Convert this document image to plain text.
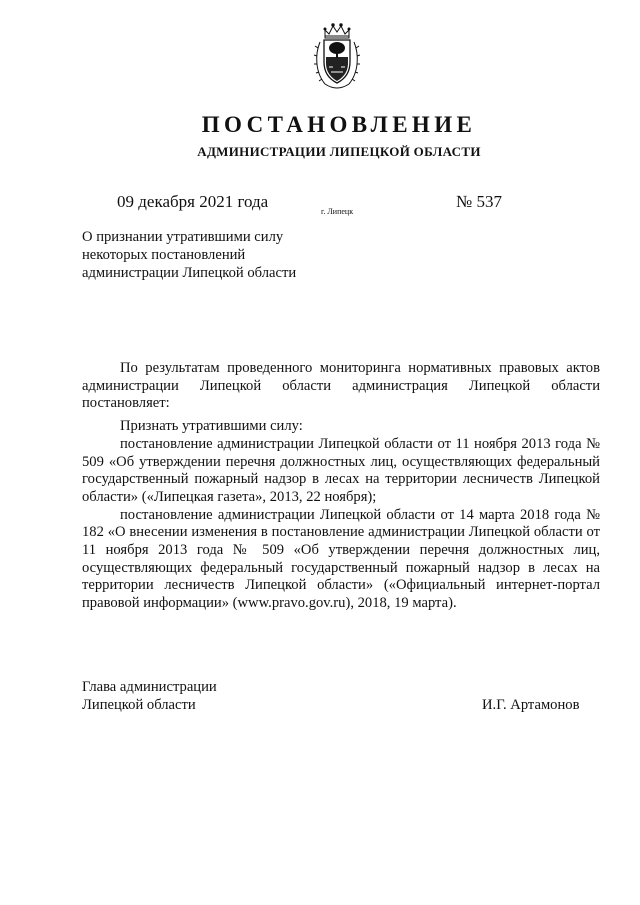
ПОСТАНОВЛЕНИЕ
АДМИНИСТРАЦИИ ЛИПЕЦКОЙ ОБЛАСТИ
09 декабря 2021 года
г. Липецк
№ 537
О признании утратившими силу
некоторых постановлений
администрации Липецкой области

По результатам проведенного мониторинга нормативных правовых актов администрации Липецкой области администрация Липецкой области постановляет:

Признать утратившими силу:

постановление администрации Липецкой области от 11 ноября 2013 года № 509 «Об утверждении перечня должностных лиц, осуществляющих федеральный государственный пожарный надзор в лесах на территории лесничеств Липецкой области» («Липецкая газета», 2013, 22 ноября);

постановление администрации Липецкой области от 14 марта 2018 года № 182 «О внесении изменения в постановление администрации Липецкой области от 11 ноября 2013 года № 509 «Об утверждении перечня должностных лиц, осуществляющих федеральный государственный пожарный надзор в лесах на территории лесничеств Липецкой области» («Официальный интернет-портал правовой информации» (www.pravo.gov.ru), 2018, 19 марта).

Глава администрации
Липецкой области	И.Г. Артамонов
